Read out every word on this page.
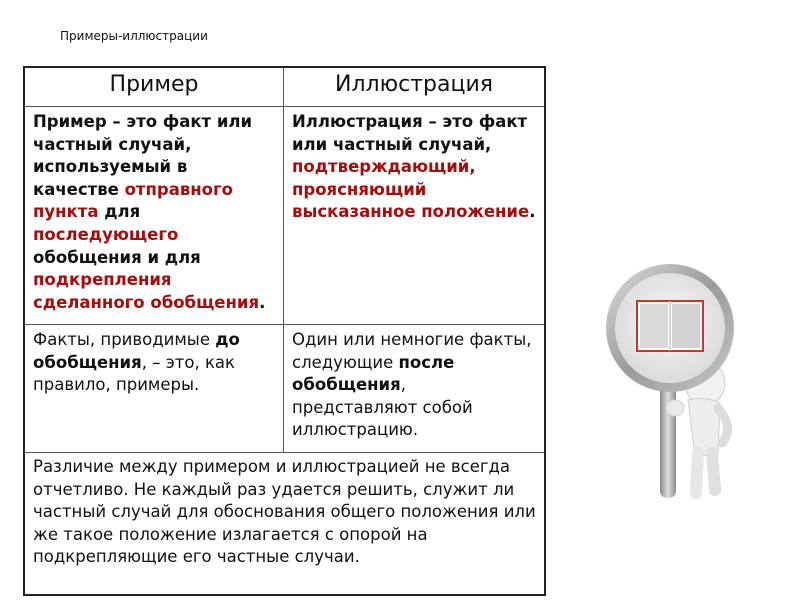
Примеры-иллюстрации
Пример	Иллюстрация
Пример – это факт или частный случай, используемый в качестве отправного пункта для последующего обобщения и для подкрепления сделанного обобщения.
Иллюстрация – это факт или частный случай, подтверждающий, проясняющий высказанное положение.
Факты, приводимые до обобщения, – это, как правило, примеры.
Один или немногие факты, следующие после обобщения, представляют собой иллюстрацию.
Различие между примером и иллюстрацией не всегда отчетливо. Не каждый раз удается решить, служит ли частный случай для обоснования общего положения или же такое положение излагается с опорой на подкрепляющие его частные случаи.
